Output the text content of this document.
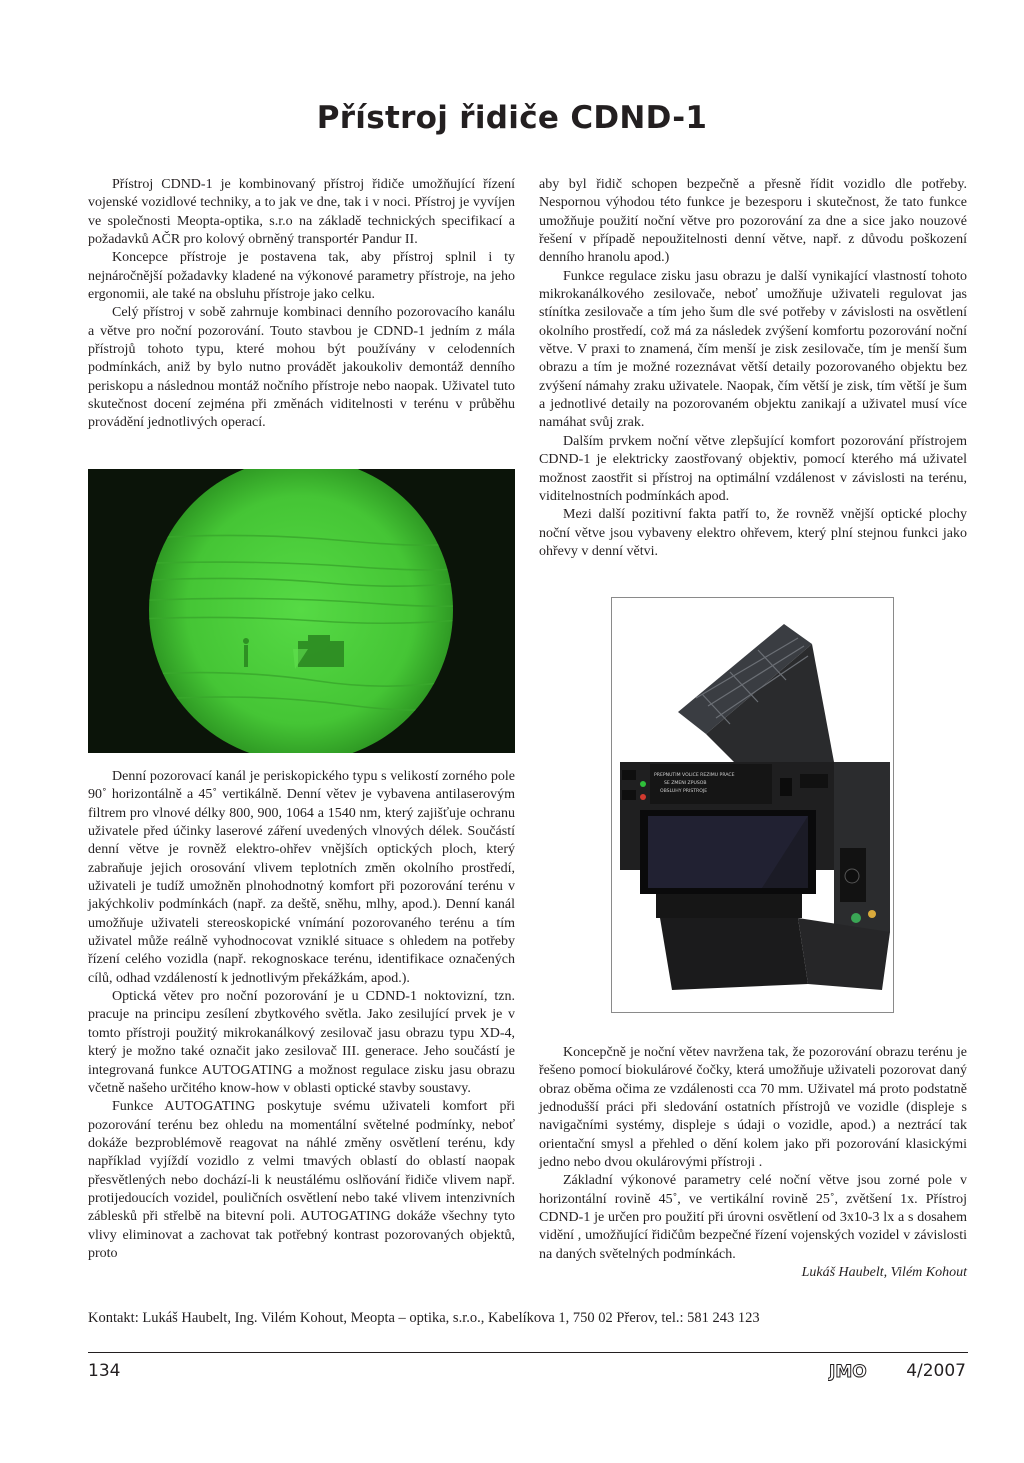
Přístroj řidiče CDND-1

Přístroj CDND-1 je kombinovaný přístroj řidiče umožňující řízení vojenské vozidlové techniky, a to jak ve dne, tak i v noci. Přístroj je vyvíjen ve společnosti Meopta-optika, s.r.o na základě technických specifikací a požadavků AČR pro kolový obrněný transportér Pandur II.

Koncepce přístroje je postavena tak, aby přístroj splnil i ty nejnáročnější požadavky kladené na výkonové parametry přístroje, na jeho ergonomii, ale také na obsluhu přístroje jako celku.

Celý přístroj v sobě zahrnuje kombinaci denního pozorovacího kanálu a větve pro noční pozorování. Touto stavbou je CDND-1 jedním z mála přístrojů tohoto typu, které mohou být používány v celodenních podmínkách, aniž by bylo nutno provádět jakoukoliv demontáž denního periskopu a následnou montáž nočního přístroje nebo naopak. Uživatel tuto skutečnost docení zejména při změnách viditelnosti v terénu v průběhu provádění jednotlivých operací.

aby byl řidič schopen bezpečně a přesně řídit vozidlo dle potřeby. Nespornou výhodou této funkce je bezesporu i skutečnost, že tato funkce umožňuje použití noční větve pro pozorování za dne a sice jako nouzové řešení v případě nepoužitelnosti denní větve, např. z důvodu poškození denního hranolu apod.)

Funkce regulace zisku jasu obrazu je další vynikající vlastností tohoto mikrokanálkového zesilovače, neboť umožňuje uživateli regulovat jas stínítka zesilovače a tím jeho šum dle své potřeby v závislosti na osvětlení okolního prostředí, což má za následek zvýšení komfortu pozorování noční větve. V praxi to znamená, čím menší je zisk zesilovače, tím je menší šum obrazu a tím je možné rozeznávat větší detaily pozorovaného objektu bez zvýšení námahy zraku uživatele. Naopak, čím větší je zisk, tím větší je šum a jednotlivé detaily na pozorovaném objektu zanikají a uživatel musí více namáhat svůj zrak.

Dalším prvkem noční větve zlepšující komfort pozorování přístrojem CDND-1 je elektricky zaostřovaný objektiv, pomocí kterého má uživatel možnost zaostřit si přístroj na optimální vzdálenost v závislosti na terénu, viditelnostních podmínkách apod.

Mezi další pozitivní fakta patří to, že rovněž vnější optické plochy noční větve jsou vybaveny elektro ohřevem, který plní stejnou funkci jako ohřevy v denní větvi.

Denní pozorovací kanál je periskopického typu s velikostí zorného pole 90˚ horizontálně a 45˚ vertikálně. Denní větev je vybavena antilaserovým filtrem pro vlnové délky 800, 900, 1064 a 1540 nm, který zajišťuje ochranu uživatele před účinky laserové záření uvedených vlnových délek. Součástí denní větve je rovněž elektro-ohřev vnějších optických ploch, který zabraňuje jejich orosování vlivem teplotních změn okolního prostředí, uživateli je tudíž umožněn plnohodnotný komfort při pozorování terénu v jakýchkoliv podmínkách (např. za deště, sněhu, mlhy, apod.). Denní kanál umožňuje uživateli stereoskopické vnímání pozorovaného terénu a tím uživatel může reálně vyhodnocovat vzniklé situace s ohledem na potřeby řízení celého vozidla (např. rekognoskace terénu, identifikace označených cílů, odhad vzdáleností k jednotlivým překážkám, apod.).

Optická větev pro noční pozorování je u CDND-1 noktovizní, tzn. pracuje na principu zesílení zbytkového světla. Jako zesilující prvek je v tomto přístroji použitý mikrokanálkový zesilovač jasu obrazu typu XD-4, který je možno také označit jako zesilovač III. generace. Jeho součástí je integrovaná funkce AUTOGATING a možnost regulace zisku jasu obrazu včetně našeho určitého know-how v oblasti optické stavby soustavy.

Funkce AUTOGATING poskytuje svému uživateli komfort při pozorování terénu bez ohledu na momentální světelné podmínky, neboť dokáže bezproblémově reagovat na náhlé změny osvětlení terénu, kdy například vyjíždí vozidlo z velmi tmavých oblastí do oblastí naopak přesvětlených nebo dochází-li k neustálému oslňování řidiče vlivem např. protijedoucích vozidel, pouličních osvětlení nebo také vlivem intenzivních záblesků při střelbě na bitevní poli. AUTOGATING dokáže všechny tyto vlivy eliminovat a zachovat tak potřebný kontrast pozorovaných objektů, proto

PREPNUTIM VOLICE REZIMU PRACE
SE ZMENI ZPUSOB
OBSLUHY PRISTROJE

Koncepčně je noční větev navržena tak, že pozorování obrazu terénu je řešeno pomocí biokulárové čočky, která umožňuje uživateli pozorovat daný obraz oběma očima ze vzdálenosti cca 70 mm. Uživatel má proto podstatně jednodušší práci při sledování ostatních přístrojů ve vozidle (displeje s navigačními systémy, displeje s údaji o vozidle, apod.) a neztrácí tak orientační smysl a přehled o dění kolem jako při pozorování klasickými jedno nebo dvou okulárovými přístroji .

Základní výkonové parametry celé noční větve jsou zorné pole v horizontální rovině 45˚, ve vertikální rovině 25˚, zvětšení 1x. Přístroj CDND-1 je určen pro použití při úrovni osvětlení od 3x10-3 lx a s dosahem vidění , umožňující řidičům bezpečné řízení vojenských vozidel v závislosti na daných světelných podmínkách.

Lukáš Haubelt, Vilém Kohout

Kontakt: Lukáš Haubelt, Ing. Vilém Kohout, Meopta – optika, s.r.o., Kabelíkova 1, 750 02 Přerov, tel.: 581 243 123
134	JMO 4/2007
